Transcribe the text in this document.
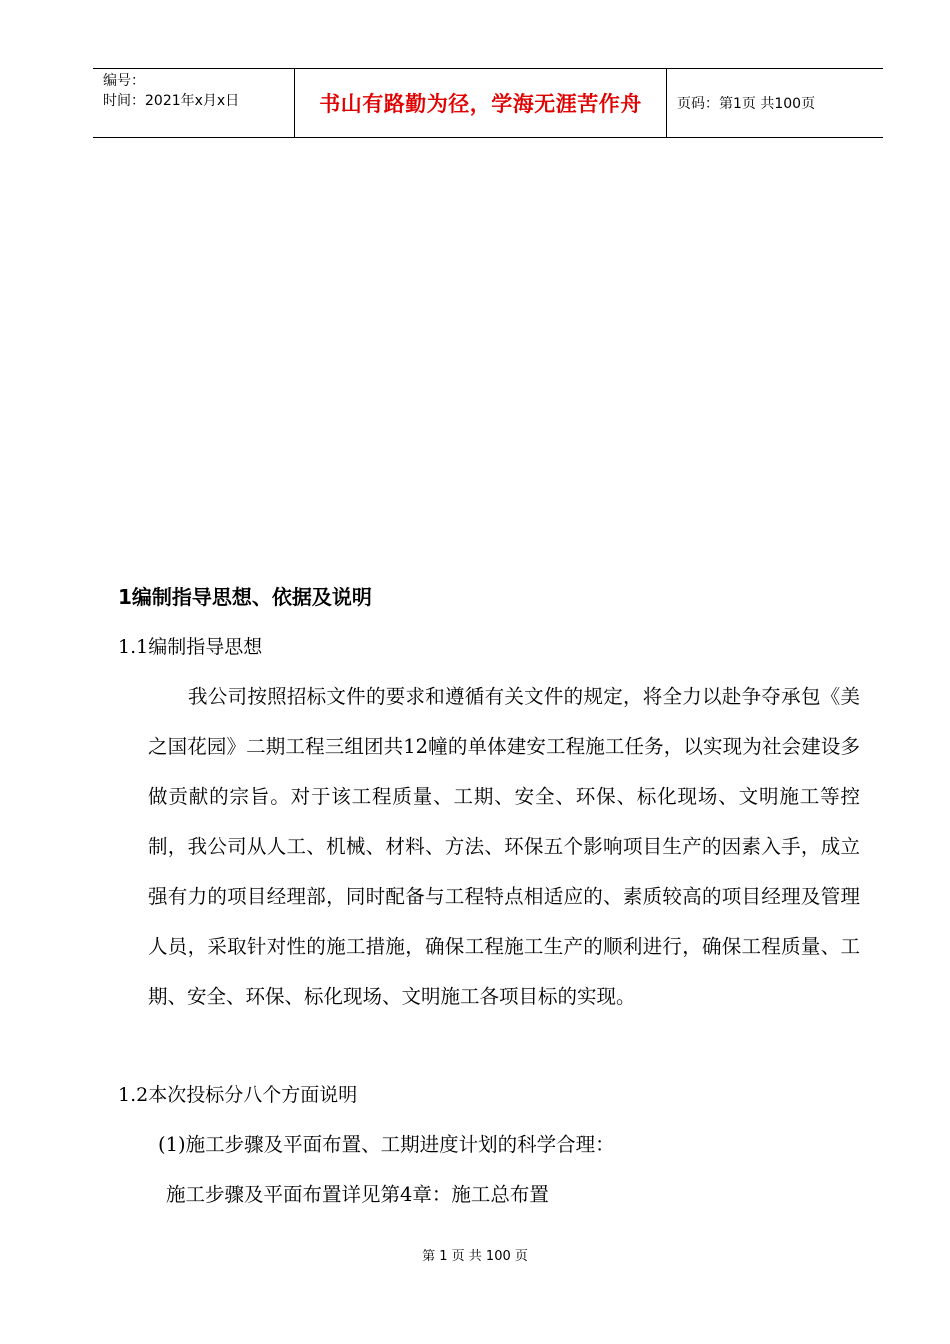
编号：
时间：2021年x月x日	书山有路勤为径，学海无涯苦作舟	页码：第1页 共100页
1编制指导思想、依据及说明
1.1编制指导思想
我公司按照招标文件的要求和遵循有关文件的规定，将全力以赴争夺承包《美之国花园》二期工程三组团共12幢的单体建安工程施工任务，以实现为社会建设多做贡献的宗旨。对于该工程质量、工期、安全、环保、标化现场、文明施工等控制，我公司从人工、机械、材料、方法、环保五个影响项目生产的因素入手，成立强有力的项目经理部，同时配备与工程特点相适应的、素质较高的项目经理及管理人员，采取针对性的施工措施，确保工程施工生产的顺利进行，确保工程质量、工期、安全、环保、标化现场、文明施工各项目标的实现。
1.2本次投标分八个方面说明
(1)施工步骤及平面布置、工期进度计划的科学合理：
施工步骤及平面布置详见第4章：施工总布置
第 1 页 共 100 页
